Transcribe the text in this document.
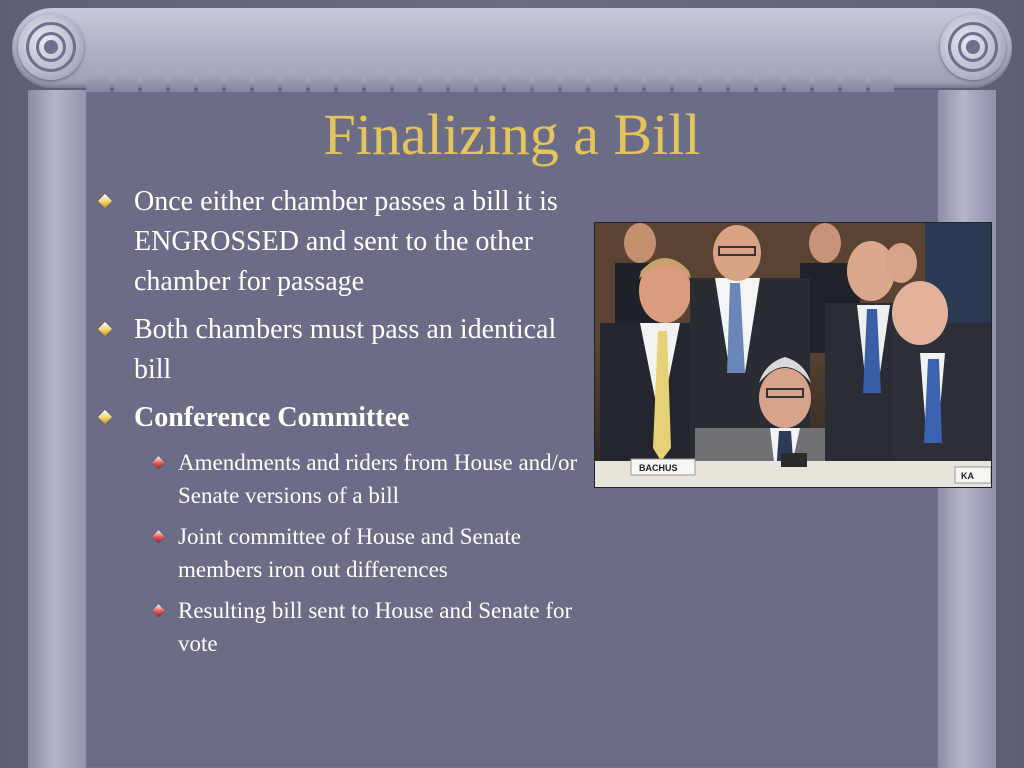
Finalizing a Bill
Once either chamber passes a bill it is ENGROSSED and sent to the other chamber for passage
Both chambers must pass an identical bill
Conference Committee
Amendments and riders from House and/or Senate versions of a bill
Joint committee of House and Senate members iron out differences
Resulting bill sent to House and Senate for vote
BACHUS
KA
